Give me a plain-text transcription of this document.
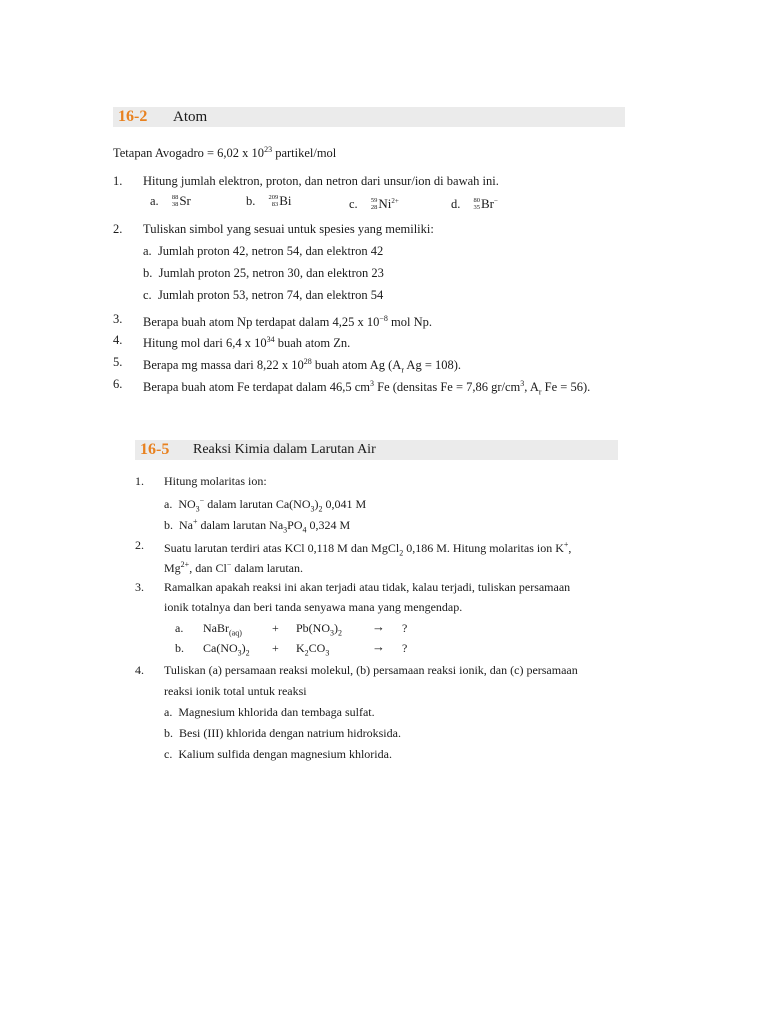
16-2	Atom
Tetapan Avogadro = 6,02 x $10^{23}$ partikel/mol
1. Hitung jumlah elektron, proton, dan netron dari unsur/ion di bawah ini.
a. 88
38 Sr	b. 209
83 Bi	c. 59
28 $Ni^{2+}$	d. 80
35 Br−
2. Tuliskan simbol yang sesuai untuk spesies yang memiliki:
a. Jumlah proton 42, netron 54, dan elektron 42
b. Jumlah proton 25, netron 30, dan elektron 23
c. Jumlah proton 53, netron 74, dan elektron 54
3. Berapa buah atom Np terdapat dalam 4,25 x $10^{-8}$ mol Np.
4. Hitung mol dari 6,4 x $10^{34}$ buah atom Zn.
5. Berapa mg massa dari 8,22 x $10^{28}$ buah atom Ag ($A_r$ Ag = 108).
6. Berapa buah atom Fe terdapat dalam 46,5 $cm^3$ Fe (densitas Fe = 7,86 $gr/cm^3$, $A_r$ Fe = 56).
16-5	Reaksi Kimia dalam Larutan Air
1. Hitung molaritas ion:
a. $NO_3^-$ dalam larutan $Ca(NO_3)_2$ 0,041 M
b. Na+ dalam larutan $Na_3PO_4$ 0,324 M
2. Suatu larutan terdiri atas KCl 0,118 M dan MgCl$_2$ 0,186 M. Hitung molaritas ion K+,
$Mg^{2+}$, dan Cl− dalam larutan.
3. Ramalkan apakah reaksi ini akan terjadi atau tidak, kalau terjadi, tuliskan persamaan
ionik totalnya dan beri tanda senyawa mana yang mengendap.
a. NaBr$_{(aq)}$	+ $Pb(NO_3)_2$ → ?
b. $Ca(NO_3)_2 + K_2CO_3$	→ ?
4. Tuliskan (a) persamaan reaksi molekul, (b) persamaan reaksi ionik, dan (c) persamaan
reaksi ionik total untuk reaksi
a. Magnesium khlorida dan tembaga sulfat.
b. Besi (III) khlorida dengan natrium hidroksida.
c. Kalium sulfida dengan magnesium khlorida.
